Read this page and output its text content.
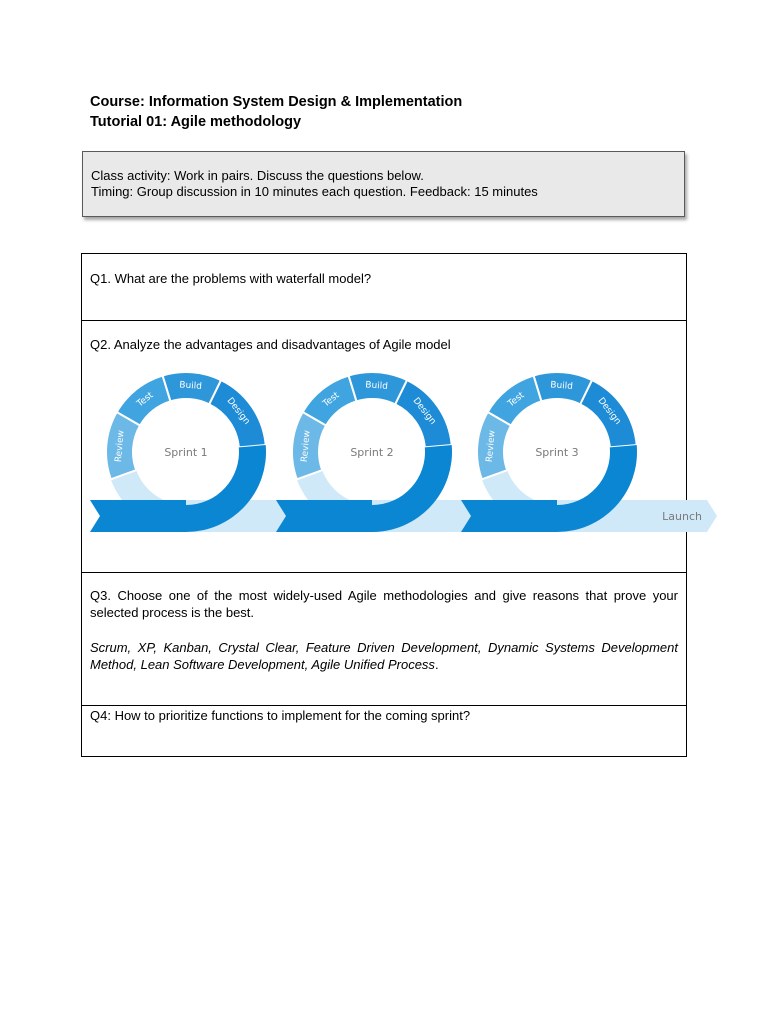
Course: Information System Design & Implementation
Tutorial 01: Agile methodology
Class activity: Work in pairs. Discuss the questions below.
Timing: Group discussion in 10 minutes each question. Feedback: 15 minutes
Q1. What are the problems with waterfall model?
Q2. Analyze the advantages and disadvantages of Agile model
Review
Test
Build
Design
Sprint 1	Review
Test
Build
Design
Sprint 2	Review
Test
Build
Design
Sprint 3
Launch
Q3. Choose one of the most widely-used Agile methodologies and give reasons that prove your selected process is the best.
Scrum, XP, Kanban, Crystal Clear, Feature Driven Development, Dynamic Systems Development Method, Lean Software Development, Agile Unified Process.
Q4: How to prioritize functions to implement for the coming sprint?
